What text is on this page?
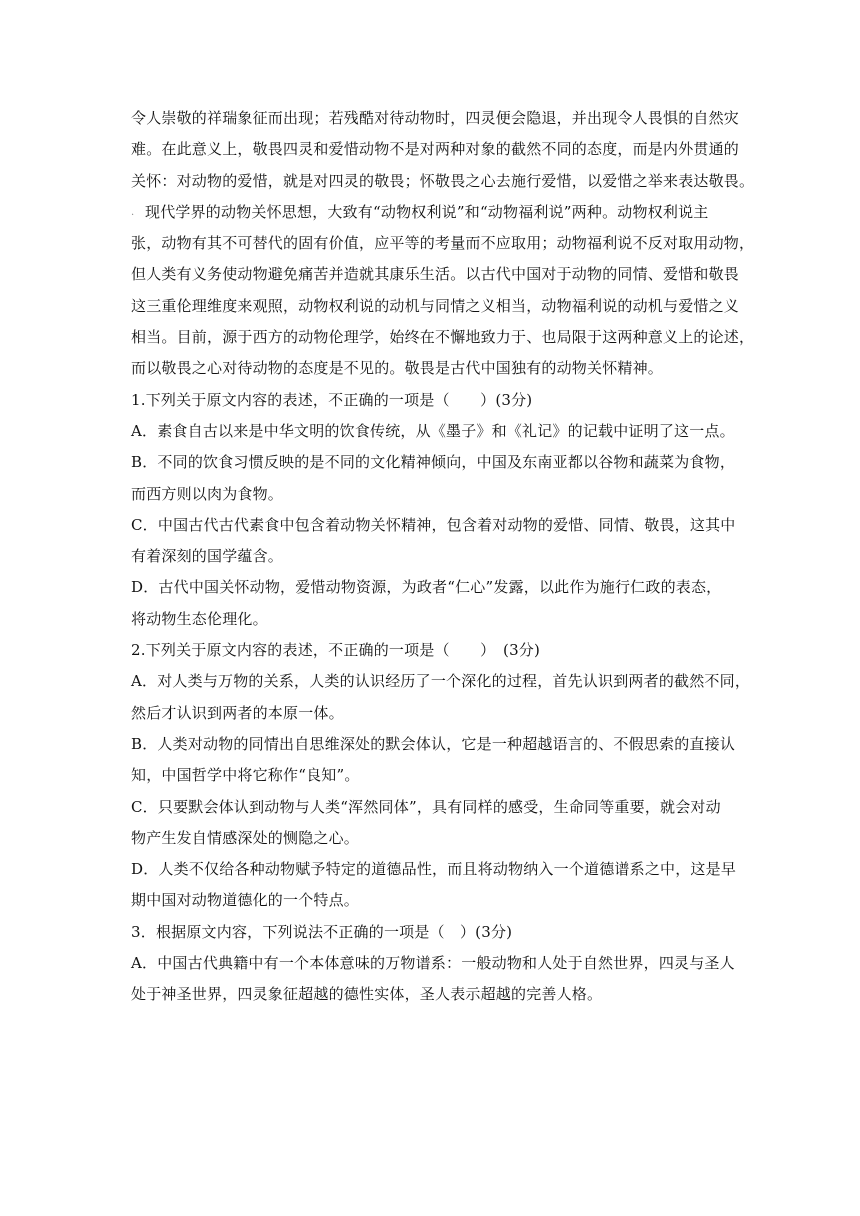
令人崇敬的祥瑞象征而出现；若残酷对待动物时，四灵便会隐退，并出现令人畏惧的自然灾
难。在此意义上，敬畏四灵和爱惜动物不是对两种对象的截然不同的态度，而是内外贯通的
关怀：对动物的爱惜，就是对四灵的敬畏；怀敬畏之心去施行爱惜，以爱惜之举来表达敬畏。
. 现代学界的动物关怀思想，大致有“动物权利说”和“动物福利说”两种。动物权利说主
张，动物有其不可替代的固有价值，应平等的考量而不应取用；动物福利说不反对取用动物，
但人类有义务使动物避免痛苦并造就其康乐生活。以古代中国对于动物的同情、爱惜和敬畏
这三重伦理维度来观照，动物权利说的动机与同情之义相当，动物福利说的动机与爱惜之义
相当。目前，源于西方的动物伦理学，始终在不懈地致力于、也局限于这两种意义上的论述，
而以敬畏之心对待动物的态度是不见的。敬畏是古代中国独有的动物关怀精神。
1.下列关于原文内容的表述，不正确的一项是（　　）(3分)
A．素食自古以来是中华文明的饮食传统，从《墨子》和《礼记》的记载中证明了这一点。
B．不同的饮食习惯反映的是不同的文化精神倾向，中国及东南亚都以谷物和蔬菜为食物，
而西方则以肉为食物。
C．中国古代古代素食中包含着动物关怀精神，包含着对动物的爱惜、同情、敬畏，这其中
有着深刻的国学蕴含。
D．古代中国关怀动物，爱惜动物资源，为政者“仁心”发露，以此作为施行仁政的表态，
将动物生态伦理化。
2.下列关于原文内容的表述，不正确的一项是（　　）　(3分)
A．对人类与万物的关系，人类的认识经历了一个深化的过程，首先认识到两者的截然不同，
然后才认识到两者的本原一体。
B．人类对动物的同情出自思维深处的默会体认，它是一种超越语言的、不假思索的直接认
知，中国哲学中将它称作“良知”。
C．只要默会体认到动物与人类“浑然同体”，具有同样的感受，生命同等重要，就会对动
物产生发自情感深处的恻隐之心。
D．人类不仅给各种动物赋予特定的道德品性，而且将动物纳入一个道德谱系之中，这是早
期中国对动物道德化的一个特点。
3．根据原文内容，下列说法不正确的一项是（　）(3分)
A．中国古代典籍中有一个本体意味的万物谱系：一般动物和人处于自然世界，四灵与圣人
处于神圣世界，四灵象征超越的德性实体，圣人表示超越的完善人格。
